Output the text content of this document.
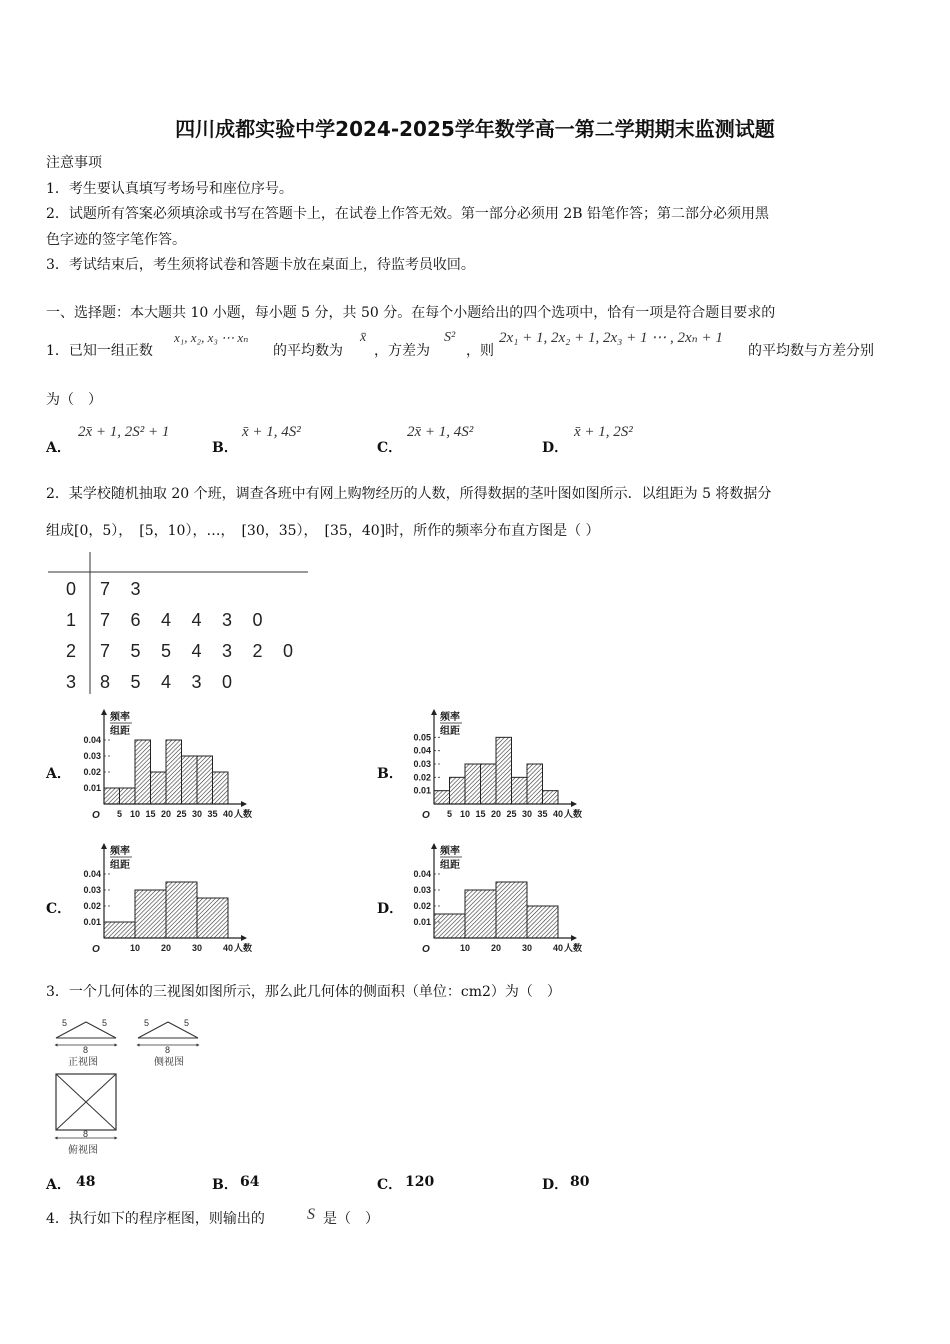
四川成都实验中学2024-2025学年数学高一第二学期期末监测试题
注意事项
1．考生要认真填写考场号和座位序号。
2．试题所有答案必须填涂或书写在答题卡上，在试卷上作答无效。第一部分必须用 2B 铅笔作答；第二部分必须用黑
色字迹的签字笔作答。
3．考试结束后，考生须将试卷和答题卡放在桌面上，待监考员收回。
一、选择题：本大题共 10 小题，每小题 5 分，共 50 分。在每个小题给出的四个选项中，恰有一项是符合题目要求的
1．已知一组正数
x₁, x₂, x₃ ⋯ xₙ
的平均数为
x̄
，方差为
S²
，则
2x₁ + 1, 2x₂ + 1, 2x₃ + 1 ⋯ , 2xₙ + 1
的平均数与方差分别
为（　）
A．
2x̄ + 1, 2S² + 1
B．
x̄ + 1, 4S²
C．
2x̄ + 1, 4S²
D．
x̄ + 1, 2S²
2．某学校随机抽取 20 个班，调查各班中有网上购物经历的人数，所得数据的茎叶图如图所示．以组距为 5 将数据分
组成[0，5），　[5，10），…，　[30，35），　[35，40]时，所作的频率分布直方图是（ ）
0 7 3
1 7 6 4 4 3 0
2 7 5 5 4 3 2 0
3 8 5 4 3 0
A．
0.01
0.02
0.03
0.04
频率
组距
O 5 10 15 20 25 30 35 40 人数
B．
0.01
0.02
0.03
0.04
0.05
频率
组距
O 5 10 15 20 25 30 35 40 人数
C．
0.01
0.02
0.03
0.04
频率
组距
O	10 20 30 40 人数
D．
0.01
0.02
0.03
0.04
频率
组距
O	10 20 30 40 人数
3．一个几何体的三视图如图所示，那么此几何体的侧面积（单位：cm2）为（　）
5	5
8
正视图
5	5
8
侧视图
8
俯视图
A． 48	B． 64	C． 120	D． 80
4．执行如下的程序框图，则输出的	S 是（　）
